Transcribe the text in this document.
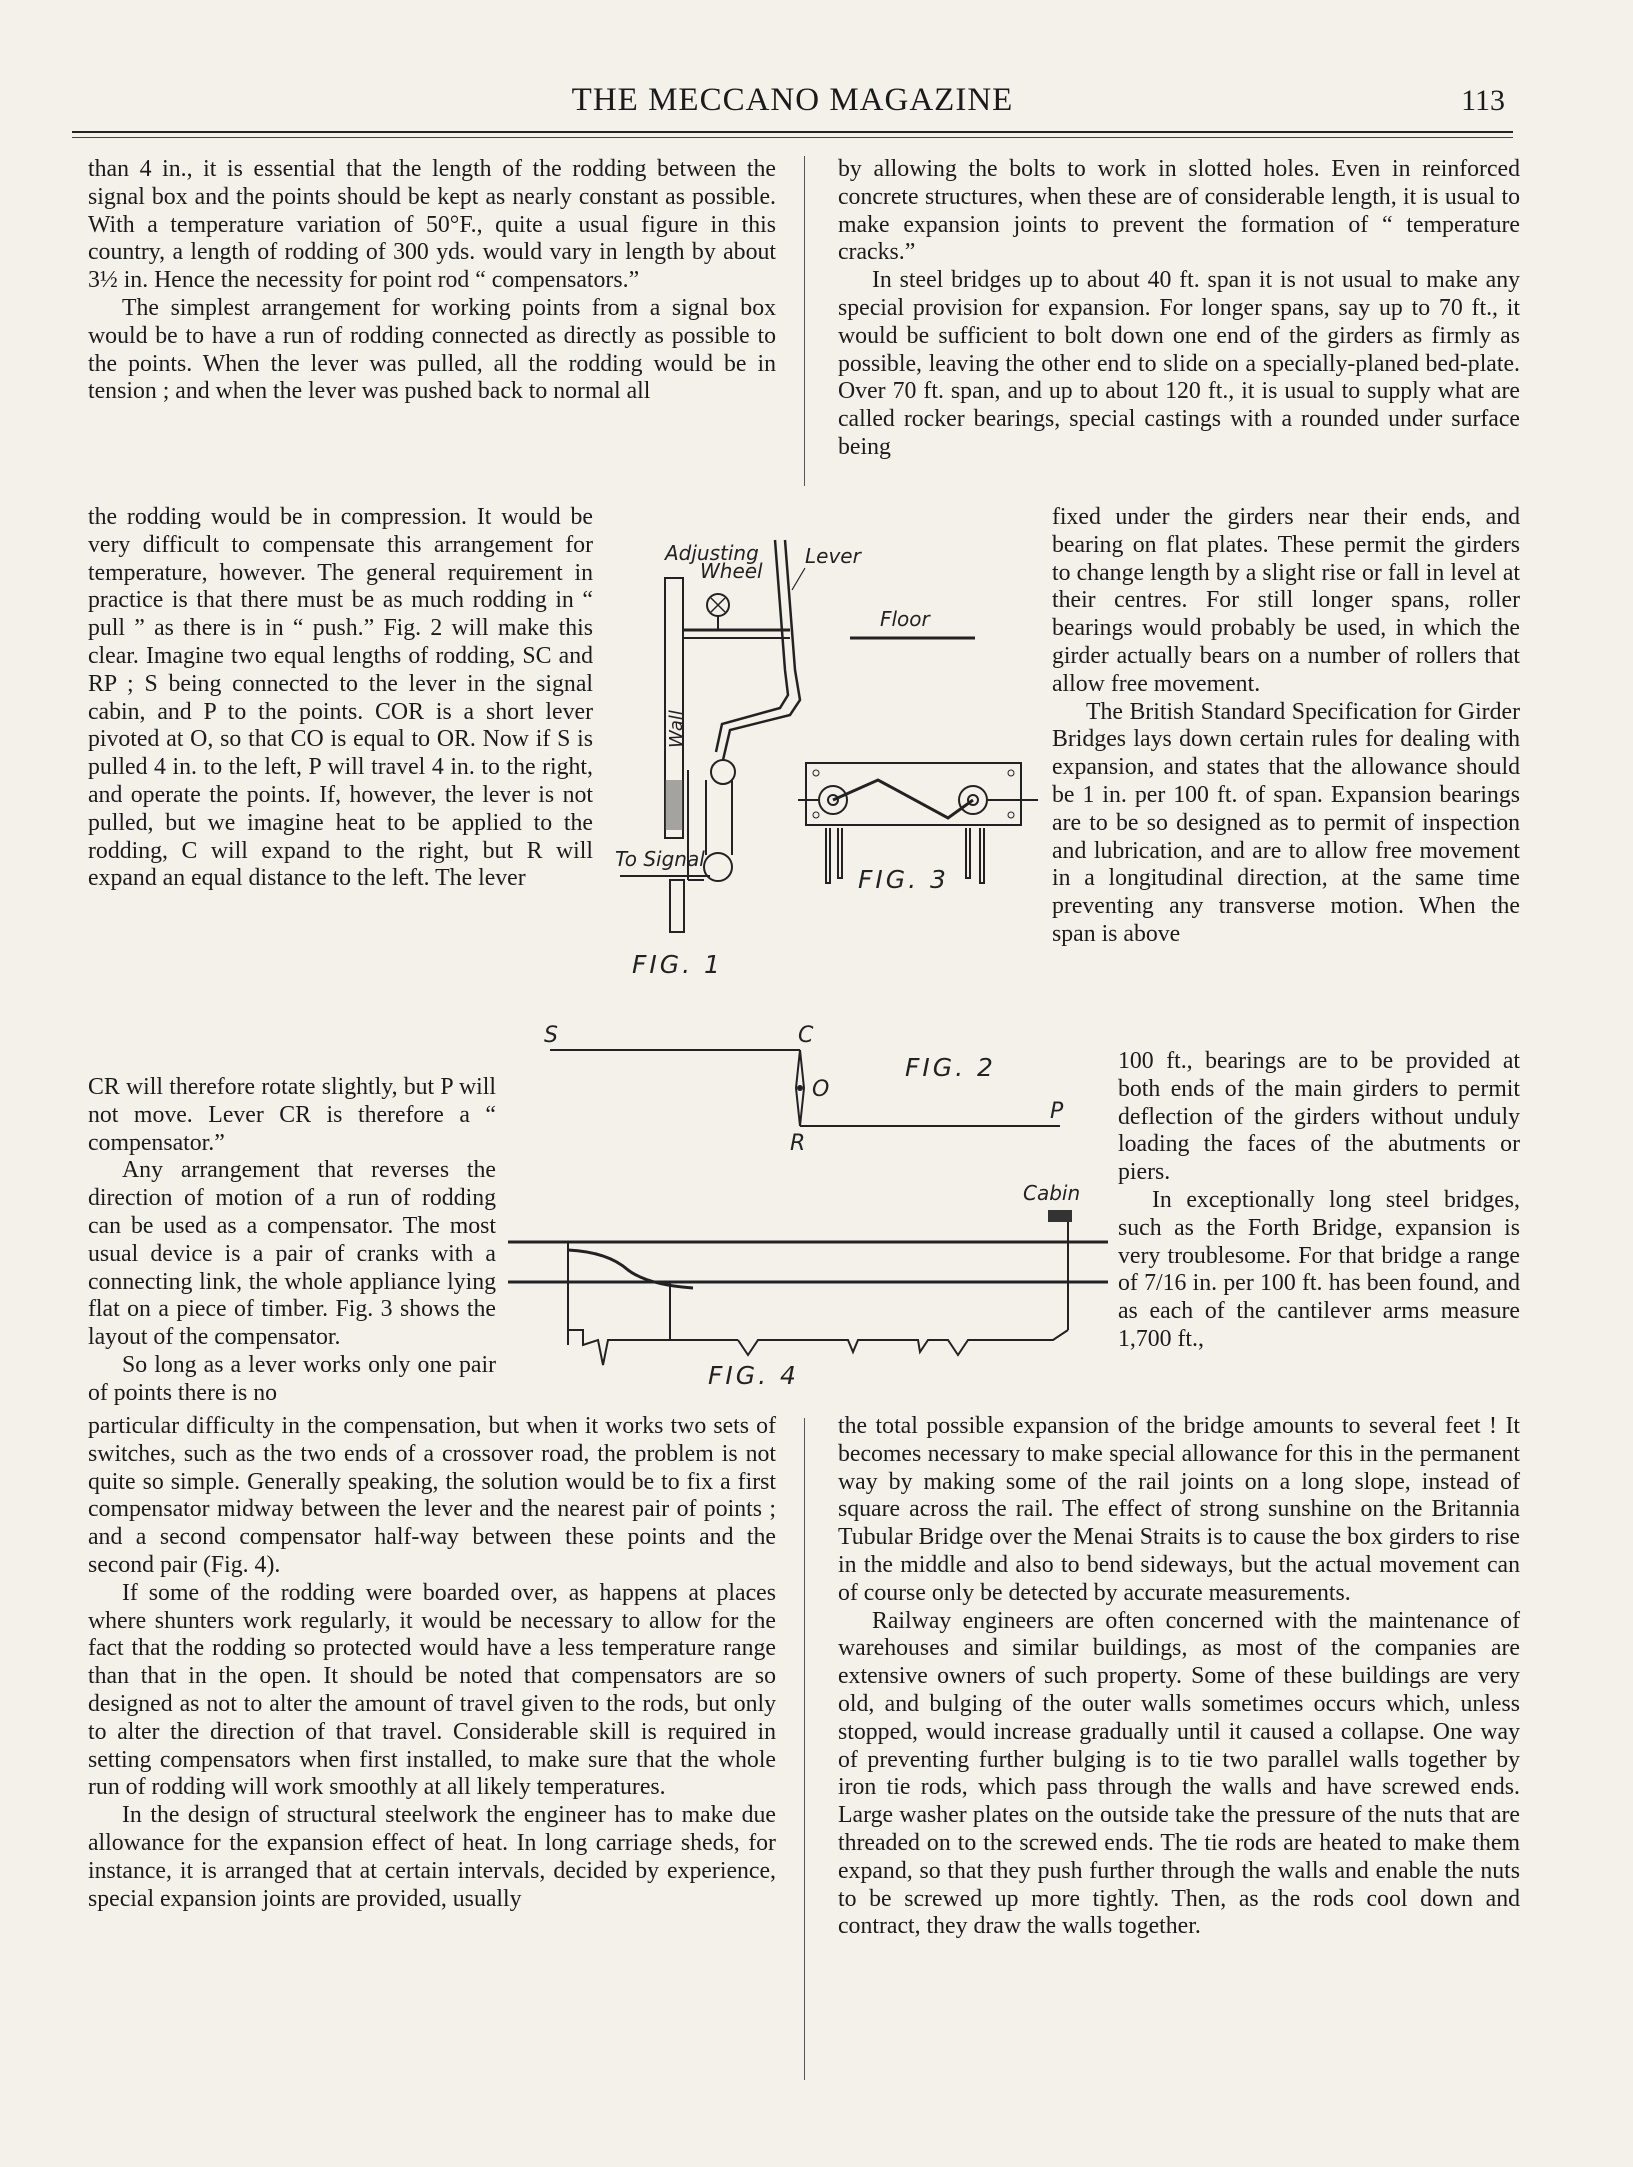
THE MECCANO MAGAZINE	113

than 4 in., it is essential that the length of the rodding between the signal box and the points should be kept as nearly constant as possible. With a temperature variation of 50°F., quite a usual figure in this country, a length of rodding of 300 yds. would vary in length by about 3½ in. Hence the necessity for point rod “ compensators.”

The simplest arrangement for working points from a signal box would be to have a run of rodding connected as directly as possible to the points. When the lever was pulled, all the rodding would be in tension ; and when the lever was pushed back to normal all

the rodding would be in compression. It would be very difficult to compensate this arrangement for temperature, however. The general requirement in practice is that there must be as much rodding in “ pull ” as there is in “ push.” Fig. 2 will make this clear. Imagine two equal lengths of rodding, SC and RP ; S being connected to the lever in the signal cabin, and P to the points. COR is a short lever pivoted at O, so that CO is equal to OR. Now if S is pulled 4 in. to the left, P will travel 4 in. to the right, and operate the points. If, however, the lever is not pulled, but we imagine heat to be applied to the rodding, C will expand to the right, but R will expand an equal distance to the left. The lever

CR will therefore rotate slightly, but P will not move. Lever CR is therefore a “ compensator.”

Any arrangement that reverses the direction of motion of a run of rodding can be used as a compensator. The most usual device is a pair of cranks with a connecting link, the whole appliance lying flat on a piece of timber. Fig. 3 shows the layout of the compensator.

So long as a lever works only one pair of points there is no

particular difficulty in the compensation, but when it works two sets of switches, such as the two ends of a crossover road, the problem is not quite so simple. Generally speaking, the solution would be to fix a first compensator midway between the lever and the nearest pair of points ; and a second compensator half-way between these points and the second pair (Fig. 4).

If some of the rodding were boarded over, as happens at places where shunters work regularly, it would be necessary to allow for the fact that the rodding so protected would have a less temperature range than that in the open. It should be noted that compensators are so designed as not to alter the amount of travel given to the rods, but only to alter the direction of that travel. Considerable skill is required in setting compensators when first installed, to make sure that the whole run of rodding will work smoothly at all likely temperatures.

In the design of structural steelwork the engineer has to make due allowance for the expansion effect of heat. In long carriage sheds, for instance, it is arranged that at certain intervals, decided by experience, special expansion joints are provided, usually

by allowing the bolts to work in slotted holes. Even in reinforced concrete structures, when these are of considerable length, it is usual to make expansion joints to prevent the formation of “ temperature cracks.”

In steel bridges up to about 40 ft. span it is not usual to make any special provision for expansion. For longer spans, say up to 70 ft., it would be sufficient to bolt down one end of the girders as firmly as possible, leaving the other end to slide on a specially-planed bed-plate. Over 70 ft. span, and up to about 120 ft., it is usual to supply what are called rocker bearings, special castings with a rounded under surface being

fixed under the girders near their ends, and bearing on flat plates. These permit the girders to change length by a slight rise or fall in level at their centres. For still longer spans, roller bearings would probably be used, in which the girder actually bears on a number of rollers that allow free movement.

The British Standard Specification for Girder Bridges lays down certain rules for dealing with expansion, and states that the allowance should be 1 in. per 100 ft. of span. Expansion bearings are to be so designed as to permit of inspection and lubrication, and are to allow free movement in a longitudinal direction, at the same time preventing any transverse motion. When the span is above

100 ft., bearings are to be provided at both ends of the main girders to permit deflection of the girders without unduly loading the faces of the abutments or piers.

In exceptionally long steel bridges, such as the Forth Bridge, expansion is very troublesome. For that bridge a range of 7/16 in. per 100 ft. has been found, and as each of the cantilever arms measure 1,700 ft.,

the total possible expansion of the bridge amounts to several feet ! It becomes necessary to make special allowance for this in the permanent way by making some of the rail joints on a long slope, instead of square across the rail. The effect of strong sunshine on the Britannia Tubular Bridge over the Menai Straits is to cause the box girders to rise in the middle and also to bend sideways, but the actual movement can of course only be detected by accurate measurements.

Railway engineers are often concerned with the maintenance of warehouses and similar buildings, as most of the companies are extensive owners of such property. Some of these buildings are very old, and bulging of the outer walls sometimes occurs which, unless stopped, would increase gradually until it caused a collapse. One way of preventing further bulging is to tie two parallel walls together by iron tie rods, which pass through the walls and have screwed ends. Large washer plates on the outside take the pressure of the nuts that are threaded on to the screwed ends. The tie rods are heated to make them expand, so that they push further through the walls and enable the nuts to be screwed up more tightly. Then, as the rods cool down and contract, they draw the walls together.

Adjusting
Wheel
Lever
Floor
Wall
To Signal
FIG. 1
FIG. 3
S	C
O
R
P
FIG. 2
Cabin
FIG. 4
